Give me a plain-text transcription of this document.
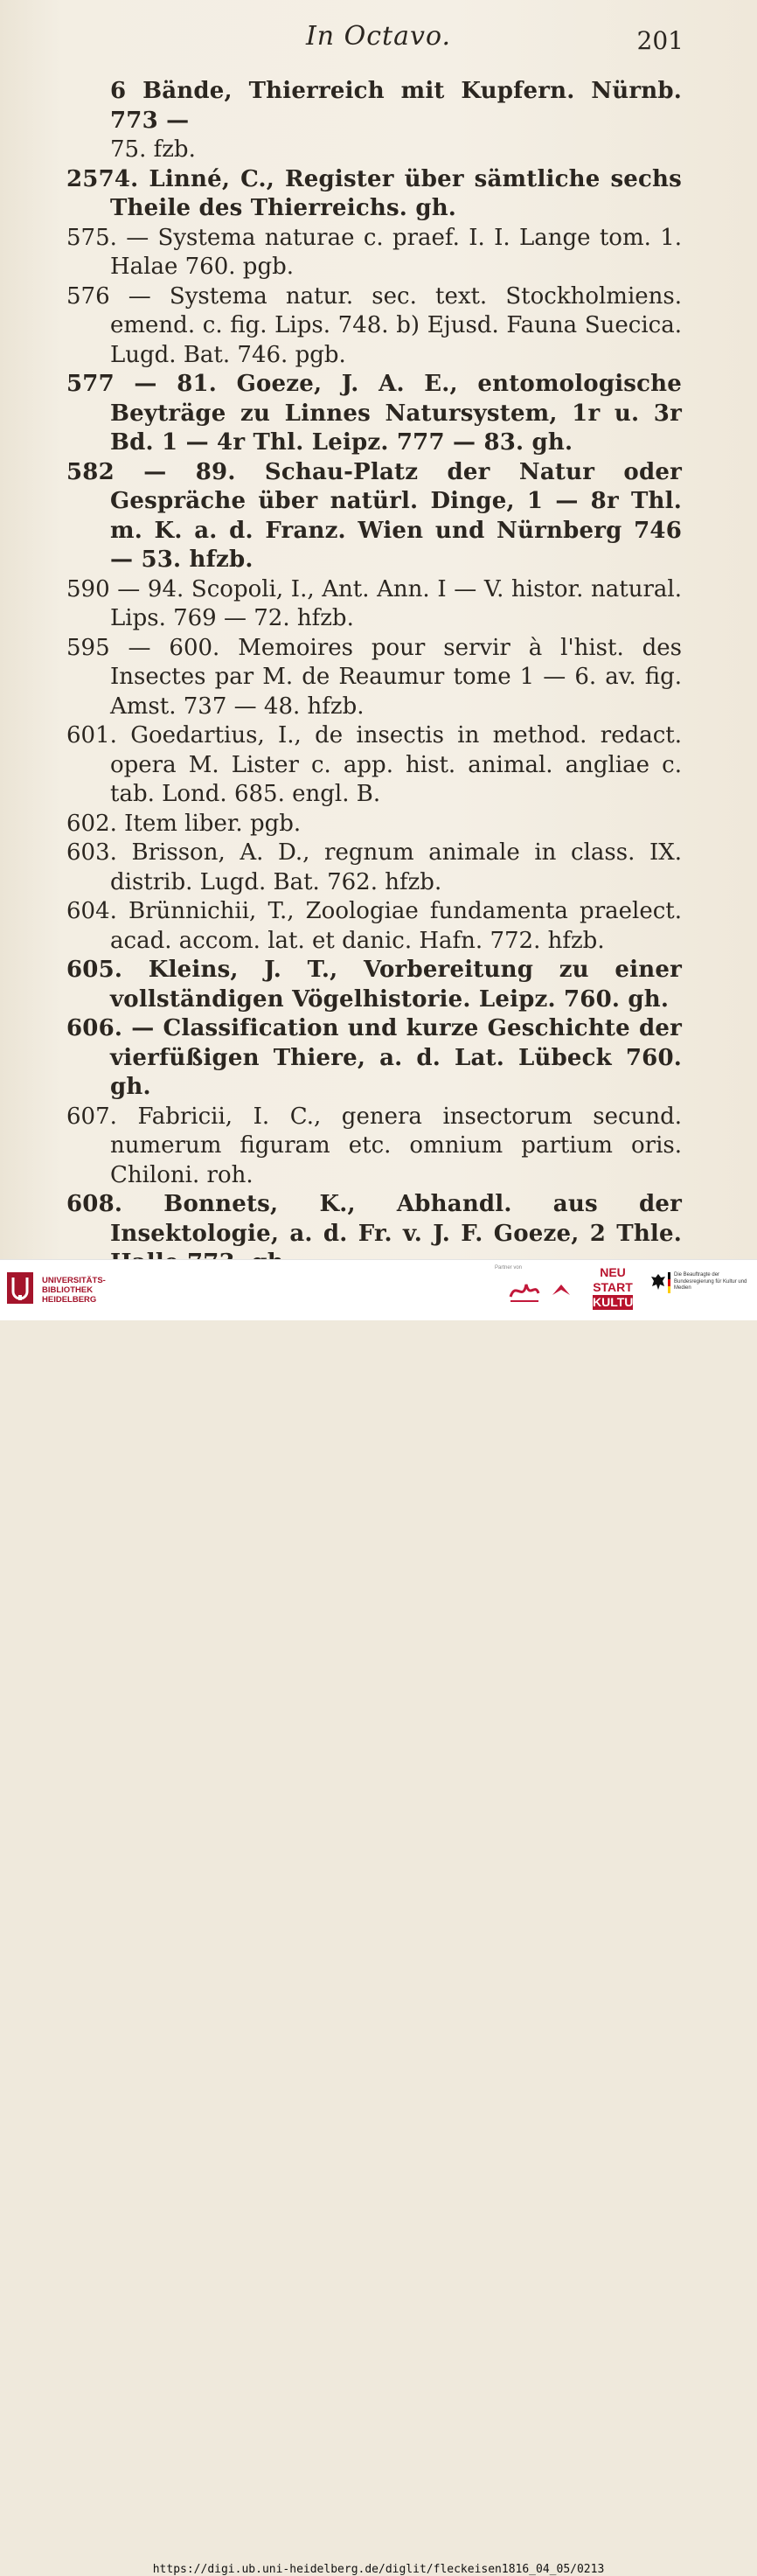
In Octavo.	201
6 Bände, Thierreich mit Kupfern. Nürnb. 773 —
75. fzb.
2574. Linné, C., Register über sämtliche sechs Theile des Thierreichs. gh.
575. — Systema naturae c. praef. I. I. Lange tom. 1. Halae 760. pgb.
576 — Systema natur. sec. text. Stockholmiens. emend. c. fig. Lips. 748. b) Ejusd. Fauna Suecica. Lugd. Bat. 746. pgb.
577 — 81. Goeze, J. A. E., entomologische Beyträge zu Linnes Natursystem, 1r u. 3r Bd. 1 — 4r Thl. Leipz. 777 — 83. gh.
582 — 89. Schau-Platz der Natur oder Gespräche über natürl. Dinge, 1 — 8r Thl. m. K. a. d. Franz. Wien und Nürnberg 746 — 53. hfzb.
590 — 94. Scopoli, I., Ant. Ann. I — V. histor. natural. Lips. 769 — 72. hfzb.
595 — 600. Memoires pour servir à l'hist. des Insectes par M. de Reaumur tome 1 — 6. av. fig. Amst. 737 — 48. hfzb.
601. Goedartius, I., de insectis in method. redact. opera M. Lister c. app. hist. animal. angliae c. tab. Lond. 685. engl. B.
602. Item liber. pgb.
603. Brisson, A. D., regnum animale in class. IX. distrib. Lugd. Bat. 762. hfzb.
604. Brünnichii, T., Zoologiae fundamenta praelect. acad. accom. lat. et danic. Hafn. 772. hfzb.
605. Kleins, J. T., Vorbereitung zu einer vollständigen Vögelhistorie. Leipz. 760. gh.
606. — Classification und kurze Geschichte der vierfüßigen Thiere, a. d. Lat. Lübeck 760. gh.
607. Fabricii, I. C., genera insectorum secund. numerum figuram etc. omnium partium oris. Chiloni. roh.
608. Bonnets, K., Abhandl. aus der Insektologie, a. d. Fr. v. J. F. Goeze, 2 Thle.
UNIVERSITÄTS-
BIBLIOTHEK
HEIDELBERG
Partner von	NEU
START
KULTUR
Die Beauftragte der Bundesregierung für Kultur und Medien
https://digi.ub.uni-heidelberg.de/diglit/fleckeisen1816_04_05/0213
